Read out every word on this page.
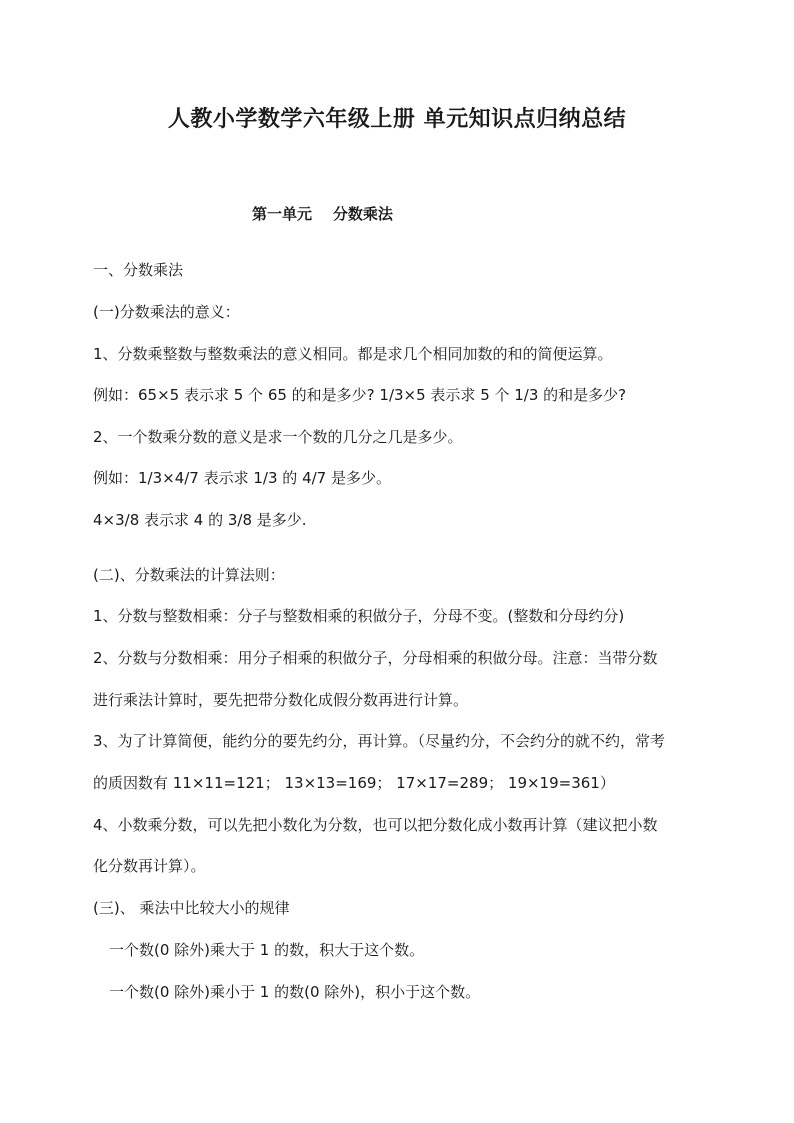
人教小学数学六年级上册 单元知识点归纳总结
第一单元    分数乘法
一、分数乘法
(一)分数乘法的意义：
1、分数乘整数与整数乘法的意义相同。都是求几个相同加数的和的简便运算。
例如：65×5 表示求 5 个 65 的和是多少? 1/3×5 表示求 5 个 1/3 的和是多少?
2、一个数乘分数的意义是求一个数的几分之几是多少。
例如：1/3×4/7 表示求 1/3 的 4/7 是多少。
4×3/8 表示求 4 的 3/8 是多少.
(二)、分数乘法的计算法则：
1、分数与整数相乘：分子与整数相乘的积做分子，分母不变。(整数和分母约分)
2、分数与分数相乘：用分子相乘的积做分子，分母相乘的积做分母。注意：当带分数
进行乘法计算时，要先把带分数化成假分数再进行计算。
3、为了计算简便，能约分的要先约分，再计算。（尽量约分，不会约分的就不约，常考
的质因数有 11×11=121； 13×13=169； 17×17=289； 19×19=361）
4、小数乘分数，可以先把小数化为分数，也可以把分数化成小数再计算（建议把小数
化分数再计算）。
(三)、 乘法中比较大小的规律
一个数(0 除外)乘大于 1 的数，积大于这个数。
一个数(0 除外)乘小于 1 的数(0 除外)，积小于这个数。
